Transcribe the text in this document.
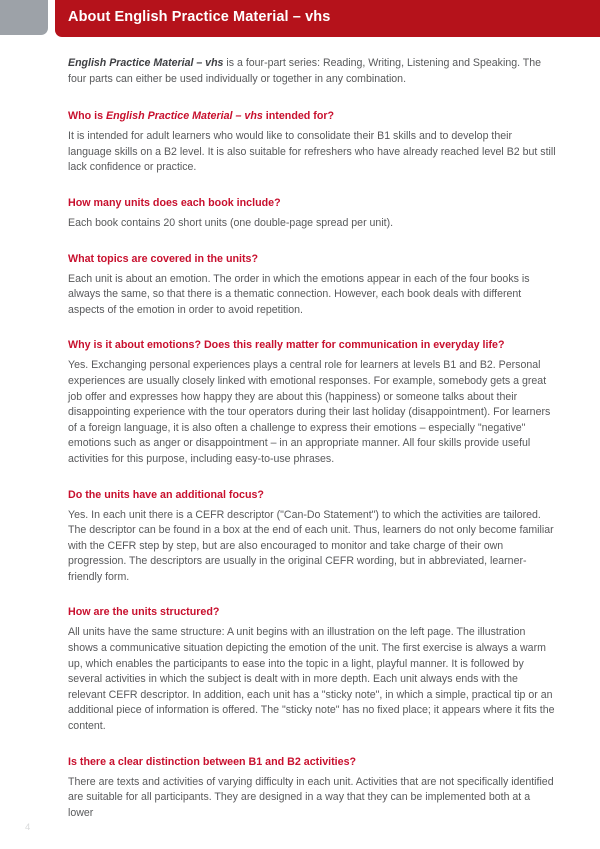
About English Practice Material – vhs

English Practice Material – vhs is a four-part series: Reading, Writing, Listening and Speaking. The four parts can either be used individually or together in any combination.

Who is English Practice Material – vhs intended for?

It is intended for adult learners who would like to consolidate their B1 skills and to develop their language skills on a B2 level. It is also suitable for refreshers who have already reached level B2 but still lack confidence or practice.

How many units does each book include?

Each book contains 20 short units (one double-page spread per unit).

What topics are covered in the units?

Each unit is about an emotion. The order in which the emotions appear in each of the four books is always the same, so that there is a thematic connection. However, each book deals with different aspects of the emotion in order to avoid repetition.

Why is it about emotions? Does this really matter for communication in everyday life?

Yes. Exchanging personal experiences plays a central role for learners at levels B1 and B2. Personal experiences are usually closely linked with emotional responses. For example, somebody gets a great job offer and expresses how happy they are about this (happiness) or someone talks about their disappointing experience with the tour operators during their last holiday (disappointment). For learners of a foreign language, it is also often a challenge to express their emotions – especially "negative" emotions such as anger or disappointment – in an appropriate manner. All four skills provide useful activities for this purpose, including easy-to-use phrases.

Do the units have an additional focus?

Yes. In each unit there is a CEFR descriptor ("Can-Do Statement") to which the activities are tailored. The descriptor can be found in a box at the end of each unit. Thus, learners do not only become familiar with the CEFR step by step, but are also encouraged to monitor and take charge of their own progression. The descriptors are usually in the original CEFR wording, but in abbreviated, learner-friendly form.

How are the units structured?

All units have the same structure: A unit begins with an illustration on the left page. The illustration shows a communicative situation depicting the emotion of the unit. The first exercise is always a warm up, which enables the participants to ease into the topic in a light, playful manner. It is followed by several activities in which the subject is dealt with in more depth. Each unit always ends with the relevant CEFR descriptor. In addition, each unit has a "sticky note", in which a simple, practical tip or an additional piece of information is offered. The "sticky note" has no fixed place; it appears where it fits the content.

Is there a clear distinction between B1 and B2 activities?

There are texts and activities of varying difficulty in each unit. Activities that are not specifically identified are suitable for all participants. They are designed in a way that they can be implemented both at a lower

4
